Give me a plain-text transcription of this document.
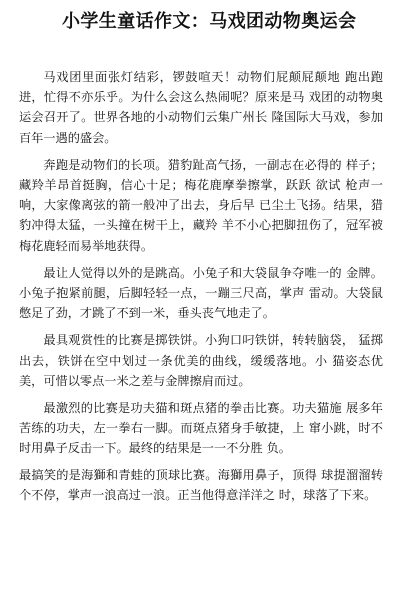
小学生童话作文：马戏团动物奥运会

马戏团里面张灯结彩，锣鼓喧天！动物们屁颠屁颠地 跑出跑进，忙得不亦乐乎。为什么会这么热闹呢？原来是马 戏团的动物奥运会召开了。世界各地的小动物们云集广州长 隆国际大马戏，参加百年一遇的盛会。

奔跑是动物们的长项。猎豹趾高气扬，一副志在必得的 样子；藏羚羊昂首挺胸，信心十足；梅花鹿摩拳擦掌，跃跃 欲试 枪声一响，大家像离弦的箭一般冲了出去，身后早 已尘土飞扬。结果，猎豹冲得太猛，一头撞在树干上，藏羚 羊不小心把脚扭伤了，冠军被梅花鹿轻而易举地获得。

最让人觉得以外的是跳高。小兔子和大袋鼠争夺唯一的 金牌。小兔子抱紧前腿，后脚轻轻一点，一蹦三尺高，掌声 雷动。大袋鼠憋足了劲，才跳了不到一米，垂头丧气地走了。

最具观赏性的比赛是掷铁饼。小狗口叼铁饼，转转脑袋， 猛掷出去，铁饼在空中划过一条优美的曲线，缓缓落地。小 猫姿态优美，可惜以零点一米之差与金牌擦肩而过。

最激烈的比赛是功夫猫和斑点猪的拳击比赛。功夫猫施 展多年苦练的功夫，左一拳右一脚。而斑点猪身手敏捷，上 窜小跳，时不时用鼻子反击一下。最终的结果是一一不分胜 负。

最搞笑的是海獅和青蛙的顶球比赛。海獅用鼻子，顶得 球提溜溜转个不停，掌声一浪高过一浪。正当他得意洋洋之 时，球落了下来。
